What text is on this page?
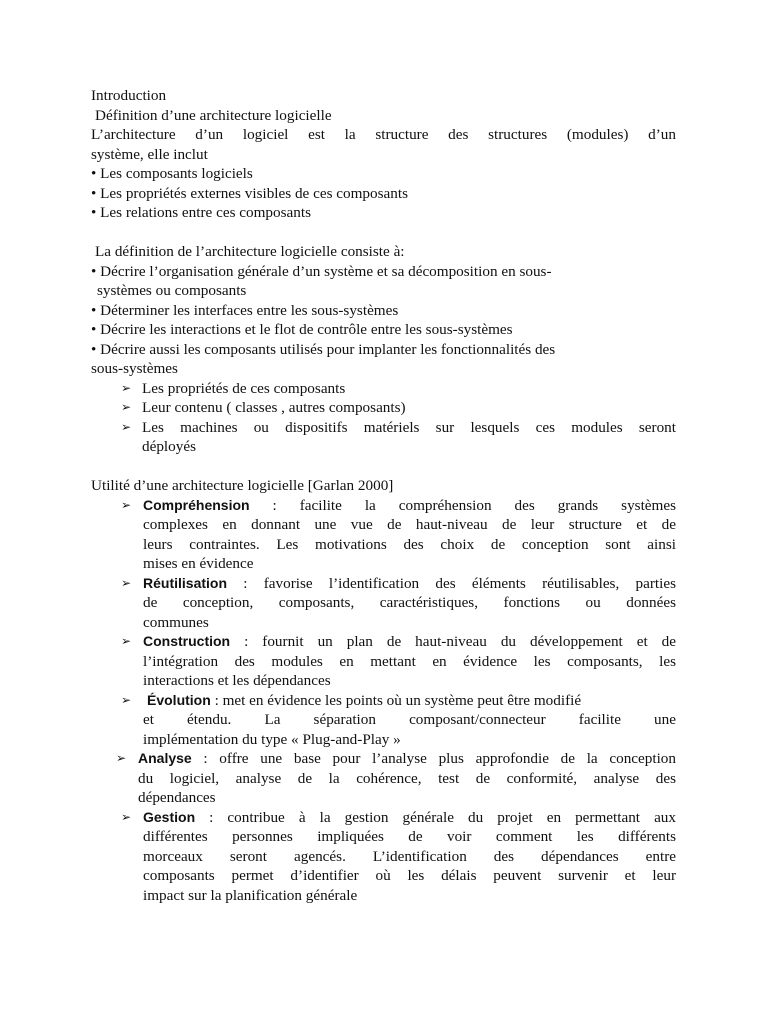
Introduction
Définition d’une architecture logicielle
L’architecture d’un logiciel est la structure des structures (modules) d’un
système, elle inclut
• Les composants logiciels
• Les propriétés externes visibles de ces composants
• Les relations entre ces composants
La définition de l’architecture logicielle consiste à:
• Décrire l’organisation générale d’un système et sa décomposition en sous-
systèmes ou composants
• Déterminer les interfaces entre les sous-systèmes
• Décrire les interactions et le flot de contrôle entre les sous-systèmes
• Décrire aussi les composants utilisés pour implanter les fonctionnalités des
sous-systèmes
➢ Les propriétés de ces composants
➢ Leur contenu ( classes , autres composants)
➢ Les machines ou dispositifs matériels sur lesquels ces modules seront
déployés
Utilité d’une architecture logicielle [Garlan 2000]
➢ Compréhension : facilite la compréhension des grands systèmes
complexes en donnant une vue de haut-niveau de leur structure et de
leurs contraintes. Les motivations des choix de conception sont ainsi
mises en évidence
➢ Réutilisation : favorise l’identification des éléments réutilisables, parties
de conception, composants, caractéristiques, fonctions ou données
communes
➢ Construction : fournit un plan de haut-niveau du développement et de
l’intégration des modules en mettant en évidence les composants, les
interactions et les dépendances
➢ Évolution : met en évidence les points où un système peut être modifié
et étendu. La séparation composant/connecteur facilite une
implémentation du type « Plug-and-Play »
➢ Analyse : offre une base pour l’analyse plus approfondie de la conception
du logiciel, analyse de la cohérence, test de conformité, analyse des
dépendances
➢ Gestion : contribue à la gestion générale du projet en permettant aux
différentes personnes impliquées de voir comment les différents
morceaux seront agencés. L’identification des dépendances entre
composants permet d’identifier où les délais peuvent survenir et leur
impact sur la planification générale
